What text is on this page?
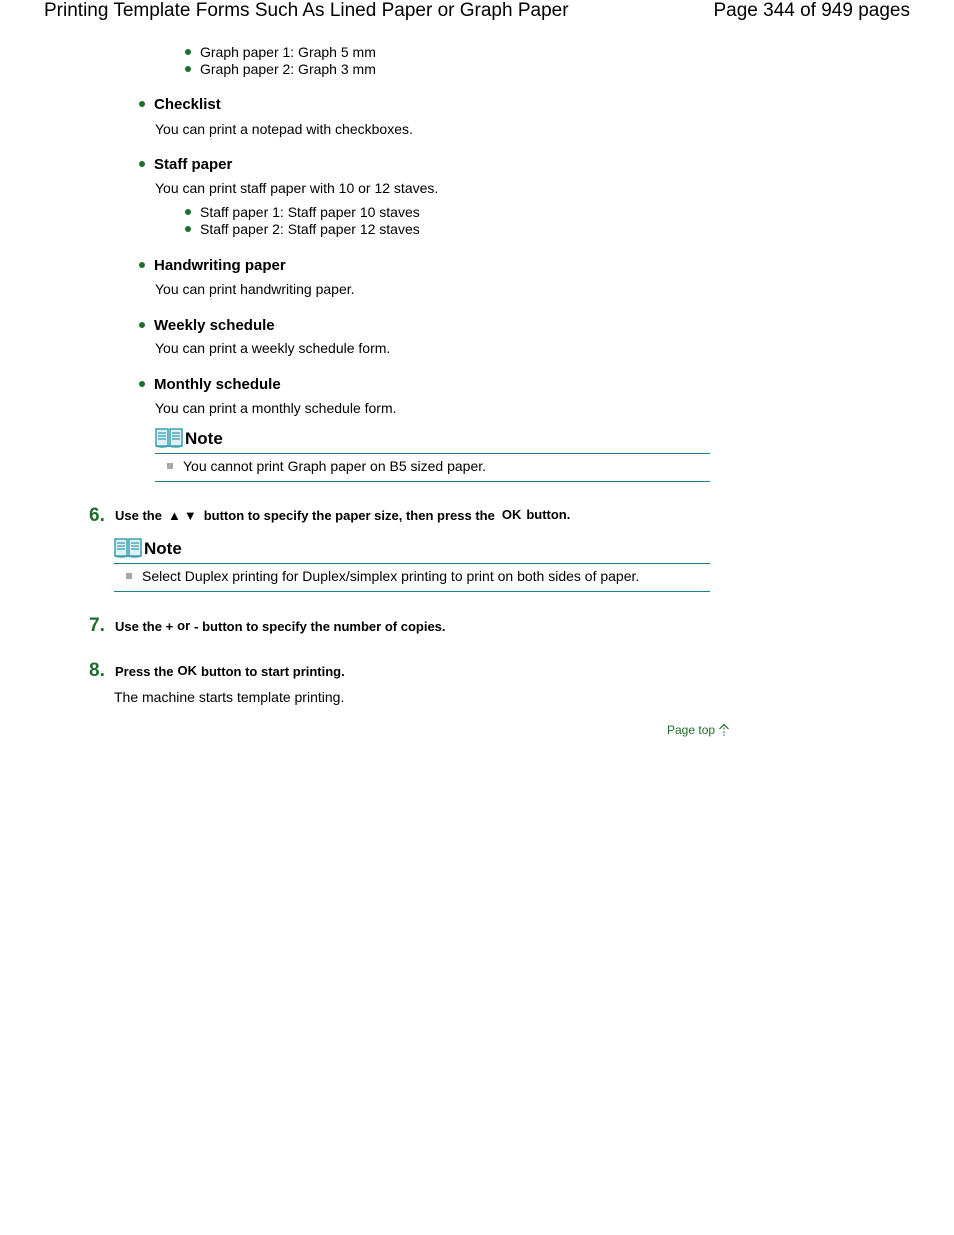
Printing Template Forms Such As Lined Paper or Graph Paper	Page 344 of 949 pages
Graph paper 1: Graph 5 mm
Graph paper 2: Graph 3 mm
Checklist
You can print a notepad with checkboxes.
Staff paper
You can print staff paper with 10 or 12 staves.
Staff paper 1: Staff paper 10 staves
Staff paper 2: Staff paper 12 staves
Handwriting paper
You can print handwriting paper.
Weekly schedule
You can print a weekly schedule form.
Monthly schedule
You can print a monthly schedule form.
Note
You cannot print Graph paper on B5 sized paper.
6. Use the ▲ ▼ button to specify the paper size, then press the OK button.
Note
Select Duplex printing for Duplex/simplex printing to print on both sides of paper.
7. Use the + or - button to specify the number of copies.
8. Press the OK button to start printing.
The machine starts template printing.
Page top
